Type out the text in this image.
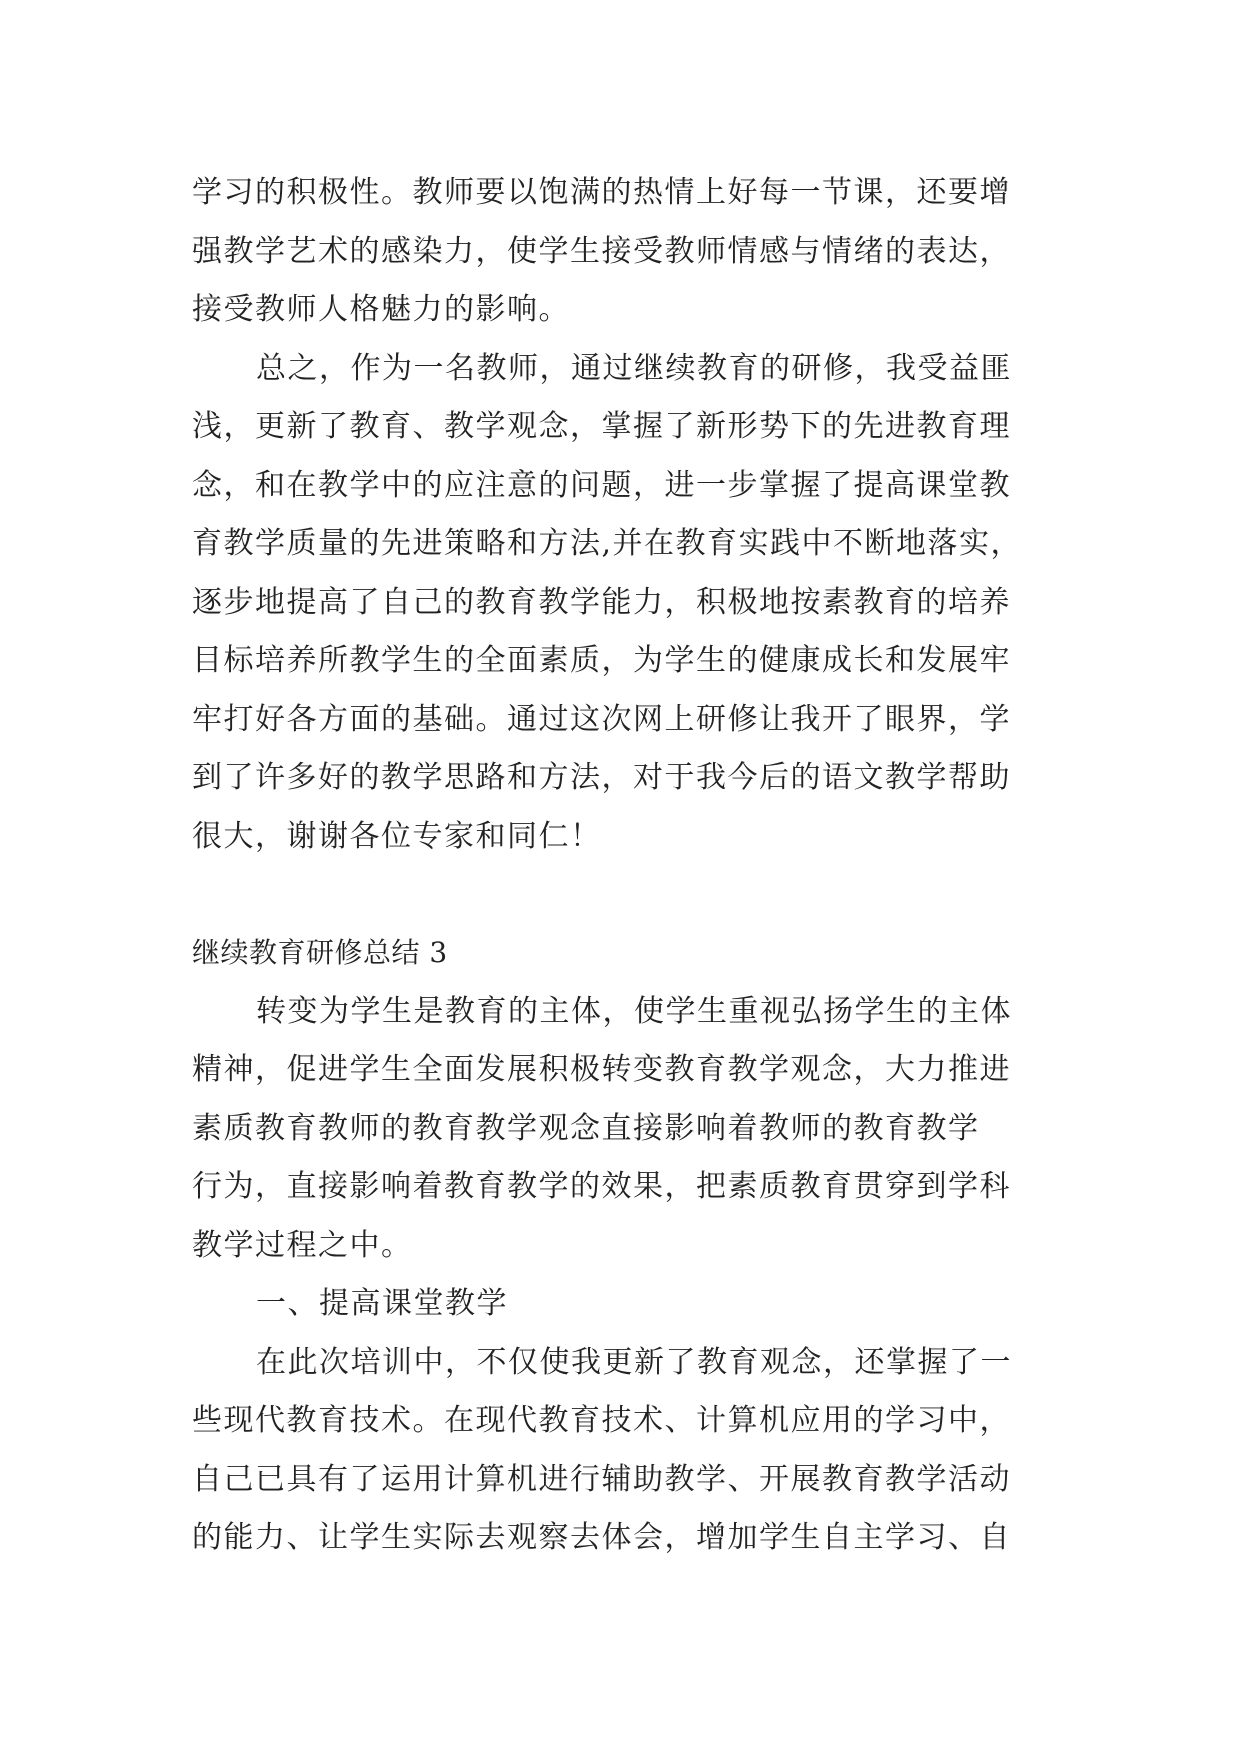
学习的积极性。教师要以饱满的热情上好每一节课，还要增
强教学艺术的感染力，使学生接受教师情感与情绪的表达，
接受教师人格魅力的影响。
总之，作为一名教师，通过继续教育的研修，我受益匪
浅，更新了教育、教学观念，掌握了新形势下的先进教育理
念，和在教学中的应注意的问题，进一步掌握了提高课堂教
育教学质量的先进策略和方法,并在教育实践中不断地落实，
逐步地提高了自己的教育教学能力，积极地按素教育的培养
目标培养所教学生的全面素质，为学生的健康成长和发展牢
牢打好各方面的基础。通过这次网上研修让我开了眼界，学
到了许多好的教学思路和方法，对于我今后的语文教学帮助
很大，谢谢各位专家和同仁！
继续教育研修总结 3
转变为学生是教育的主体，使学生重视弘扬学生的主体
精神，促进学生全面发展积极转变教育教学观念，大力推进
素质教育教师的教育教学观念直接影响着教师的教育教学
行为，直接影响着教育教学的效果，把素质教育贯穿到学科
教学过程之中。
一、提高课堂教学
在此次培训中，不仅使我更新了教育观念，还掌握了一
些现代教育技术。在现代教育技术、计算机应用的学习中，
自己已具有了运用计算机进行辅助教学、开展教育教学活动
的能力、让学生实际去观察去体会，增加学生自主学习、自
